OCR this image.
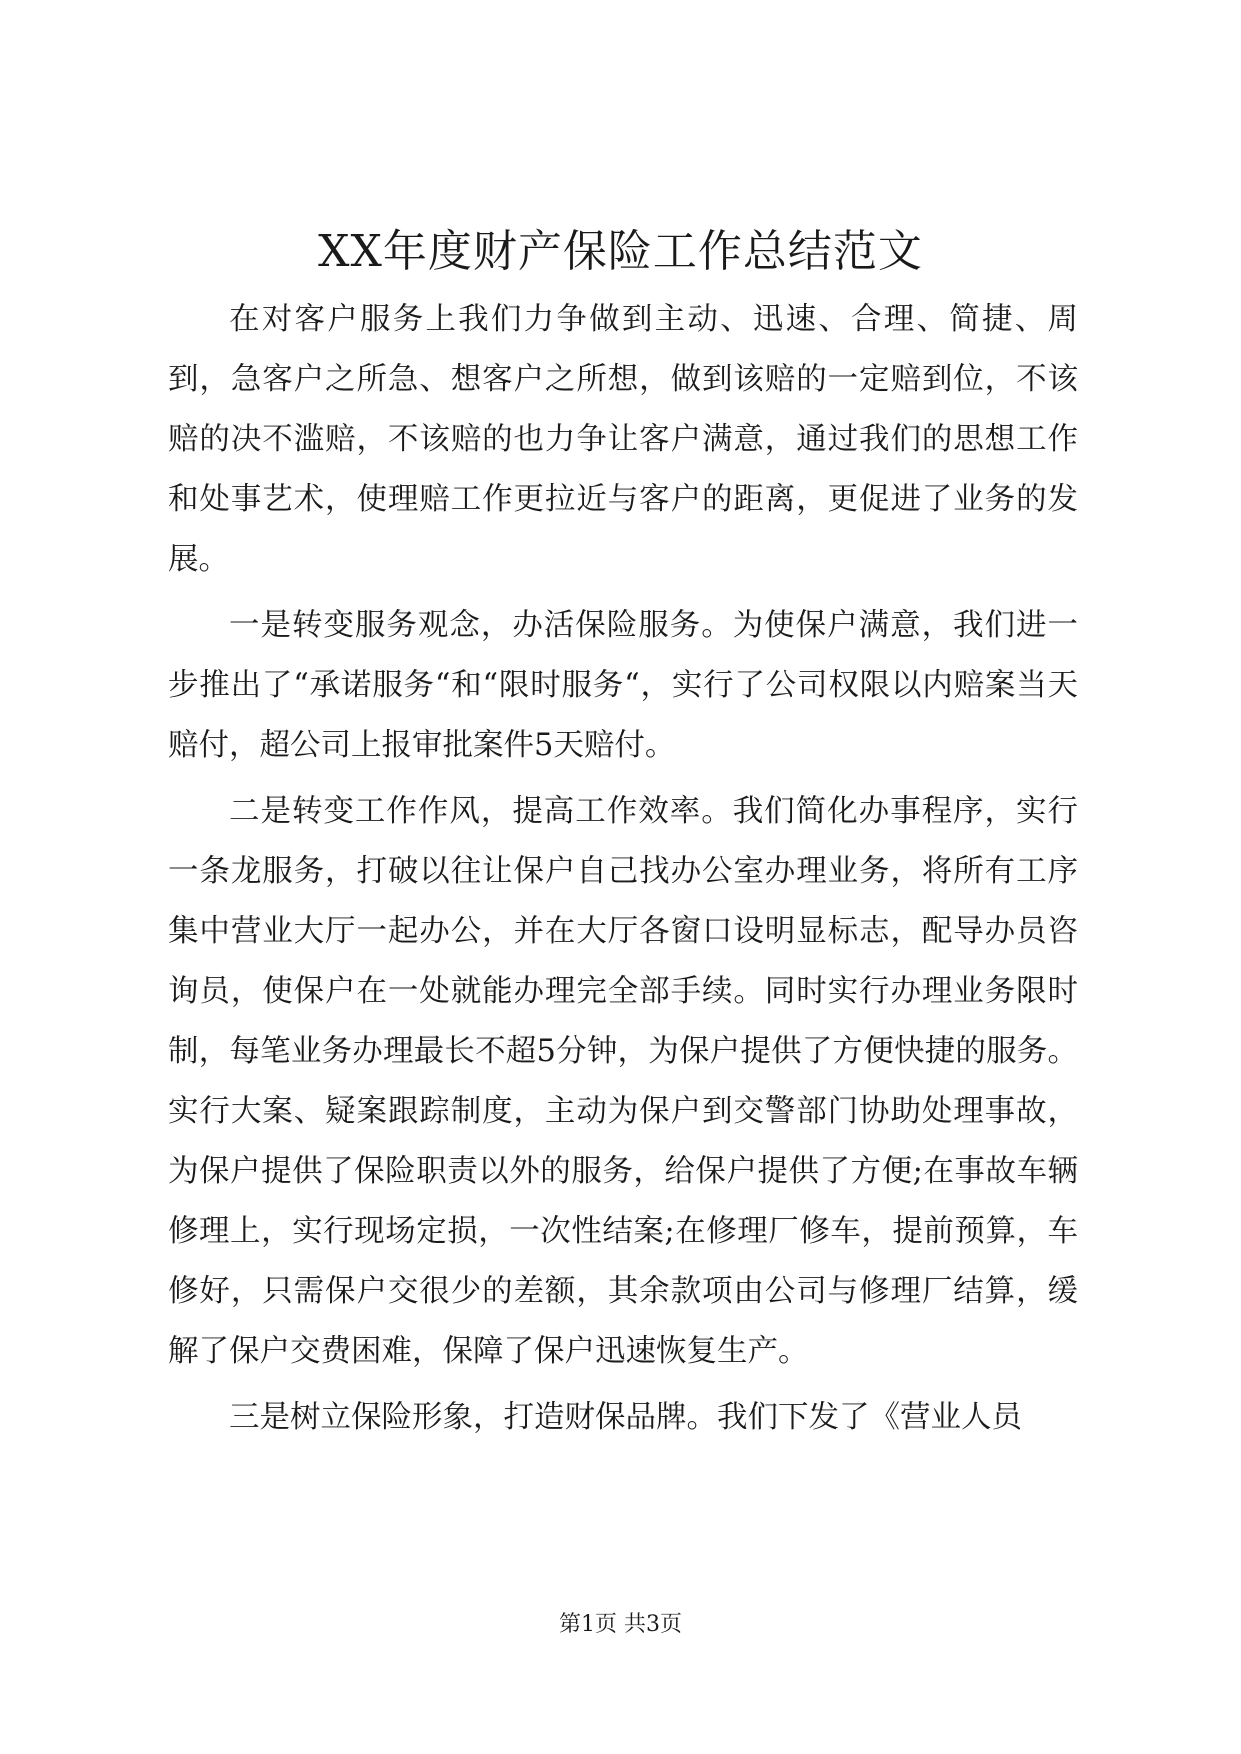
XX年度财产保险工作总结范文

在对客户服务上我们力争做到主动、迅速、合理、简捷、周到，急客户之所急、想客户之所想，做到该赔的一定赔到位，不该赔的决不滥赔，不该赔的也力争让客户满意，通过我们的思想工作和处事艺术，使理赔工作更拉近与客户的距离，更促进了业务的发展。

一是转变服务观念，办活保险服务。为使保户满意，我们进一步推出了“承诺服务“和“限时服务“，实行了公司权限以内赔案当天赔付，超公司上报审批案件5天赔付。

二是转变工作作风，提高工作效率。我们简化办事程序，实行一条龙服务，打破以往让保户自己找办公室办理业务，将所有工序集中营业大厅一起办公，并在大厅各窗口设明显标志，配导办员咨询员，使保户在一处就能办理完全部手续。同时实行办理业务限时制，每笔业务办理最长不超5分钟，为保户提供了方便快捷的服务。实行大案、疑案跟踪制度，主动为保户到交警部门协助处理事故，为保户提供了保险职责以外的服务，给保户提供了方便;在事故车辆修理上，实行现场定损，一次性结案;在修理厂修车，提前预算，车修好，只需保户交很少的差额，其余款项由公司与修理厂结算，缓解了保户交费困难，保障了保户迅速恢复生产。

三是树立保险形象，打造财保品牌。我们下发了《营业人员

第1页 共3页
